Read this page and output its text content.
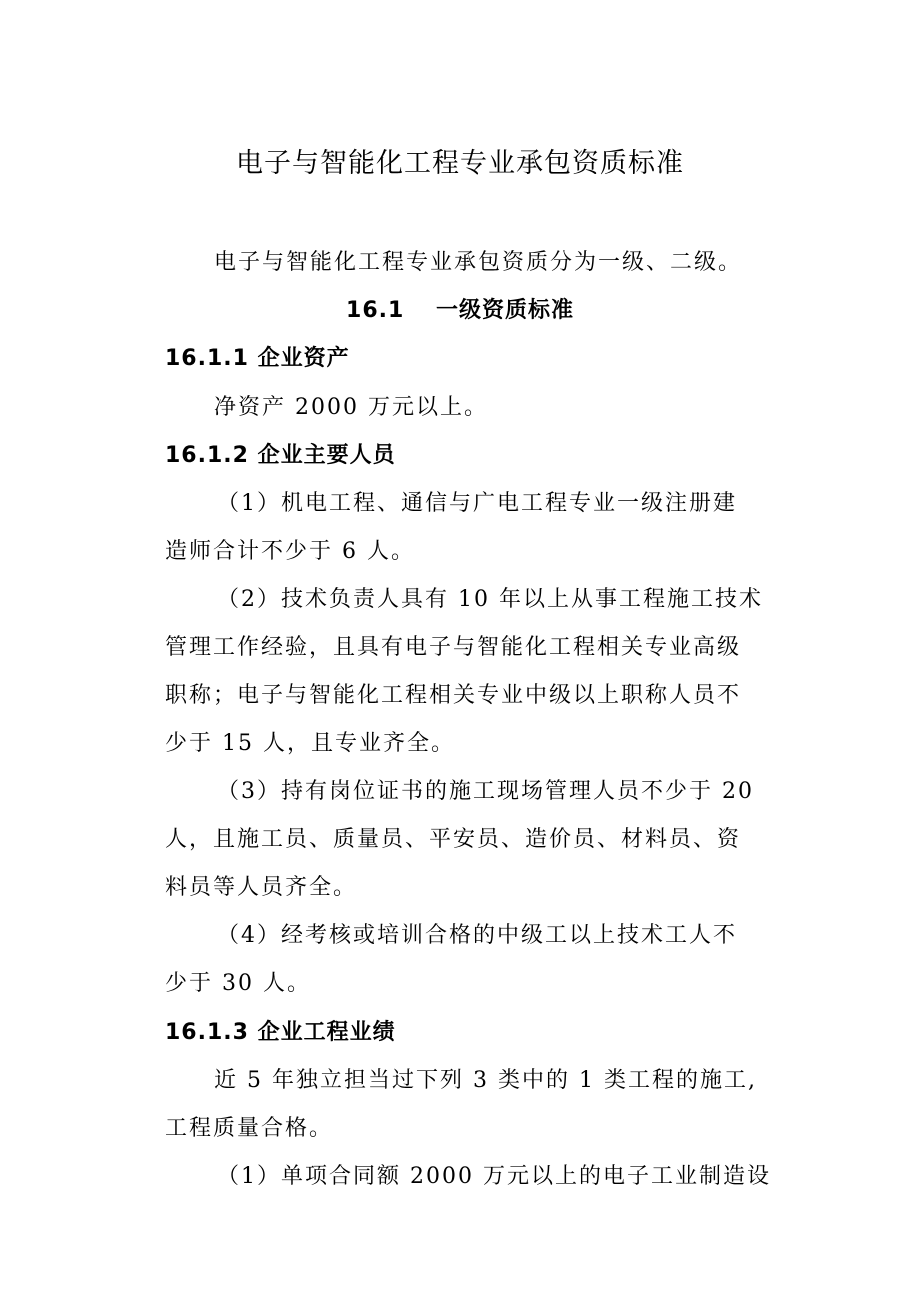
电子与智能化工程专业承包资质标准
电子与智能化工程专业承包资质分为一级、二级。
16.1　 一级资质标准
16.1.1 企业资产
净资产 2000 万元以上。
16.1.2 企业主要人员
（1）机电工程、通信与广电工程专业一级注册建
造师合计不少于 6 人。
（2）技术负责人具有 10 年以上从事工程施工技术
管理工作经验，且具有电子与智能化工程相关专业高级
职称；电子与智能化工程相关专业中级以上职称人员不
少于 15 人，且专业齐全。
（3）持有岗位证书的施工现场管理人员不少于 20
人，且施工员、质量员、平安员、造价员、材料员、资
料员等人员齐全。
（4）经考核或培训合格的中级工以上技术工人不
少于 30 人。
16.1.3 企业工程业绩
近 5 年独立担当过下列 3 类中的 1 类工程的施工,
工程质量合格。
（1）单项合同额 2000 万元以上的电子工业制造设
